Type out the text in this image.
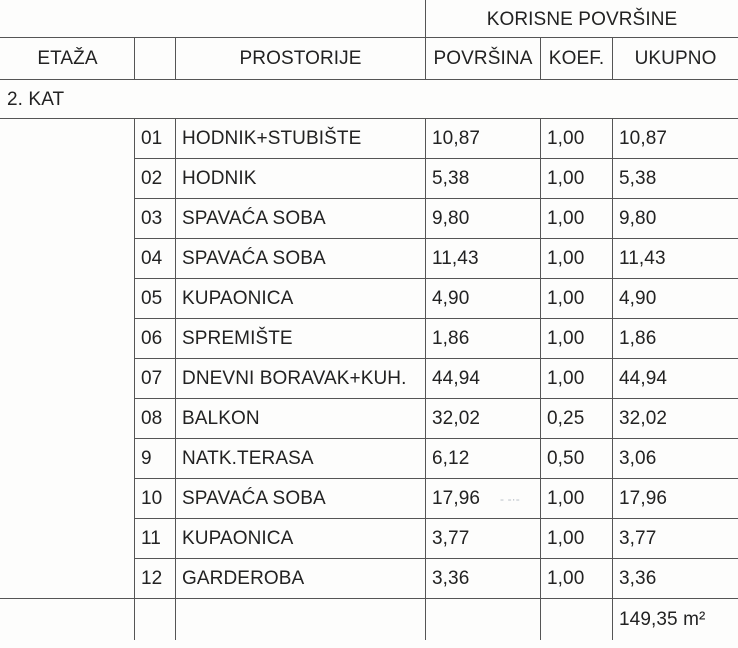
			KORISNE POVRŠINE		
ETAŽA		PROSTORIJE	POVRŠINA	KOEF.	UKUPNO
2. KAT					
	01	HODNIK+STUBIŠTE	10,87	1,00	10,87
	02	HODNIK	5,38	1,00	5,38
	03	SPAVAĆA SOBA	9,80	1,00	9,80
	04	SPAVAĆA SOBA	11,43	1,00	11,43
	05	KUPAONICA	4,90	1,00	4,90
	06	SPREMIŠTE	1,86	1,00	1,86
	07	DNEVNI BORAVAK+KUH.	44,94	1,00	44,94
	08	BALKON	32,02	0,25	32,02
	9	NATK.TERASA	6,12	0,50	3,06
	10	SPAVAĆA SOBA	17,96 - -·-	1,00	17,96
	11	KUPAONICA	3,77	1,00	3,77
	12	GARDEROBA	3,36	1,00	3,36
					149,35 m²
